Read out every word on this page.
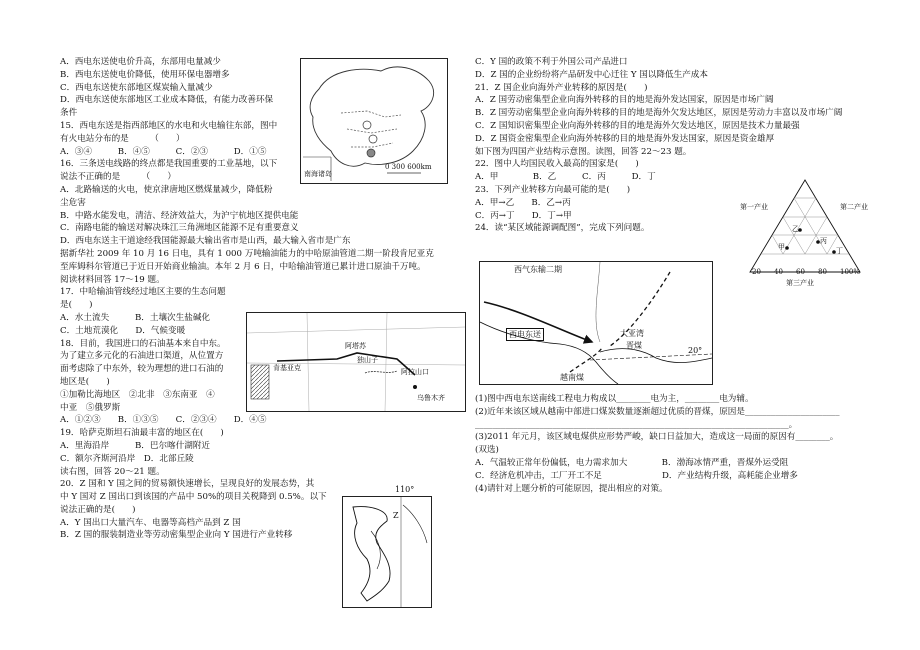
A．西电东送使电价升高，东部用电量减少
B．西电东送使电价降低，使用环保电器增多
C．西电东送使东部地区煤炭输入量减少
D．西电东送使东部地区工业成本降低，有能力改善环保
条件
15．西电东送是指西部地区的水电和火电输往东部，图中
有火电站分布的是　　　（　　）
A．③④　　　B．④⑤　　　C．②③　　　D．①⑤
16．三条送电线路的终点都是我国重要的工业基地，以下
说法不正确的是　　　（　　）
A．北路输送的火电，使京津唐地区燃煤量减少，降低粉
尘危害
B．中路水能发电，清洁、经济效益大，为沪宁杭地区提供电能
C．南路电能的输送对解决珠江三角洲地区能源不足有重要意义
D．西电东送主干道途经我国能源最大输出省市是山西，最大输入省市是广东
据新华社 2009 年 10 月 16 日电，具有 1 000 万吨输油能力的中哈原油管道二期一阶段肯尼亚克
至库姆科尔管道已于近日开始商业输油。本年 2 月 6 日，中哈输油管道已累计进口原油千万吨。
阅读材料回答 17～19 题。
17．中哈输油管线经过地区主要的生态问题
是(　　)
A．水土流失　　　B．土壤次生盐碱化
C．土地荒漠化　　D．气候变暖
18．目前，我国进口的石油基本来自中东。
为了建立多元化的石油进口渠道，从位置方
面考虑除了中东外，较为理想的进口石油的
地区是(　　)
①加勒比海地区　②北非　③东南亚　④
中亚　⑤俄罗斯
A．①②③　　B．①③⑤　　C．②③④　　D．④⑤
19．哈萨克斯坦石油最丰富的地区在(　　)
A．里海沿岸　　　B．巴尔喀什湖附近
C．额尔齐斯河沿岸　D．北部丘陵
读右图，回答 20～21 题。
20．Z 国和 Y 国之间的贸易额快速增长，呈现良好的发展态势，其
中 Y 国对 Z 国出口到该国的产品中 50%的项目关税降到 0.5%。以下
说法正确的是(　　)
A．Y 国出口大量汽车、电器等高档产品到 Z 国
B．Z 国的服装制造业等劳动密集型企业向 Y 国进行产业转移
南海诸岛
0 300 600km
肯基亚克
阿塔苏
阿拉山口
独山子
乌鲁木齐
110°
Z
C．Y 国的政策不利于外国公司产品进口
D．Z 国的企业纷纷将产品研发中心迁往 Y 国以降低生产成本
21．Z 国企业向海外产业转移的原因是(　　)
A．Z 国劳动密集型企业向海外转移的目的地是海外发达国家，原因是市场广阔
B．Z 国劳动密集型企业向海外转移的目的地是海外欠发达地区，原因是劳动力丰富以及市场广阔
C．Z 国知识密集型企业向海外转移的目的地是海外欠发达地区，原因是技术力量最强
D．Z 国资金密集型企业向海外转移的目的地是海外发达国家，原因是资金雄厚
如下图为四国产业结构示意图。读图，回答 22～23 题。
22．图中人均国民收入最高的国家是(　　)
A．甲　　　　B．乙　　　C．丙　　　D．丁
23．下列产业转移方向最可能的是(　　)
A．甲→乙　　B．乙→丙
C．丙→丁　　D．丁→甲
24．读“某区域能源调配图”，完成下列问题。
第一产业	第二产业
第三产业
20 40 60 80 100%
甲
乙
丙
丁
西气东输二期
西电东送	大亚湾
晋煤
越南煤
20°
(1)图中西电东送南线工程电力构成以________电为主，________电为辅。
(2)近年来该区域从越南中部进口煤炭数量逐渐超过优质的晋煤，原因是______________________
_________________________________________________________________________。
(3)2011 年元月，该区域电煤供应形势严峻，缺口日益加大，造成这一局面的原因有________。
(双选)
A．气温较正常年份偏低，电力需求加大　　　　B．渤海冰情严重，晋煤外运受阻
C．经济危机冲击，工厂开工不足　　　　　　　D．产业结构升级，高耗能企业增多
(4)请针对上题分析的可能原因，提出相应的对策。
